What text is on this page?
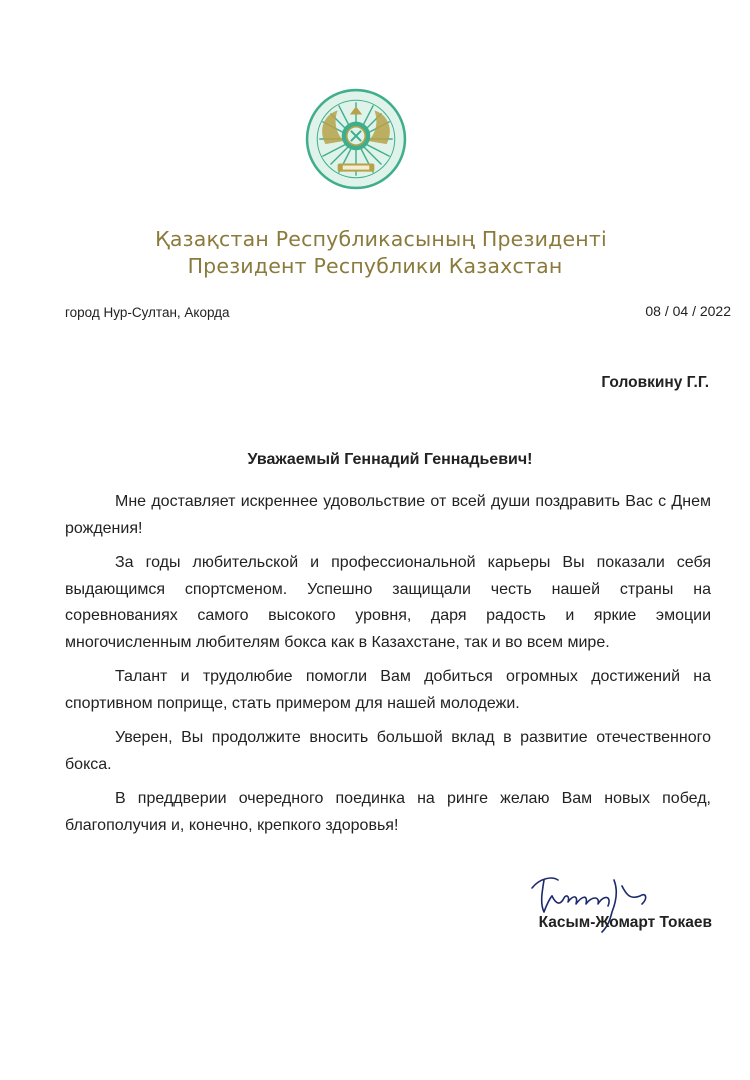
Қазақстан Республикасының Президенті
Президент Республики Казахстан
город Нур-Султан, Акорда	08 / 04 / 2022
Головкину Г.Г.
Уважаемый Геннадий Геннадьевич!

Мне доставляет искреннее удовольствие от всей души поздравить Вас с Днем рождения!

За годы любительской и профессиональной карьеры Вы показали себя выдающимся спортсменом. Успешно защищали честь нашей страны на соревнованиях самого высокого уровня, даря радость и яркие эмоции многочисленным любителям бокса как в Казахстане, так и во всем мире.

Талант и трудолюбие помогли Вам добиться огромных достижений на спортивном поприще, стать примером для нашей молодежи.

Уверен, Вы продолжите вносить большой вклад в развитие отечественного бокса.

В преддверии очередного поединка на ринге желаю Вам новых побед, благополучия и, конечно, крепкого здоровья!

Касым-Жомарт Токаев
